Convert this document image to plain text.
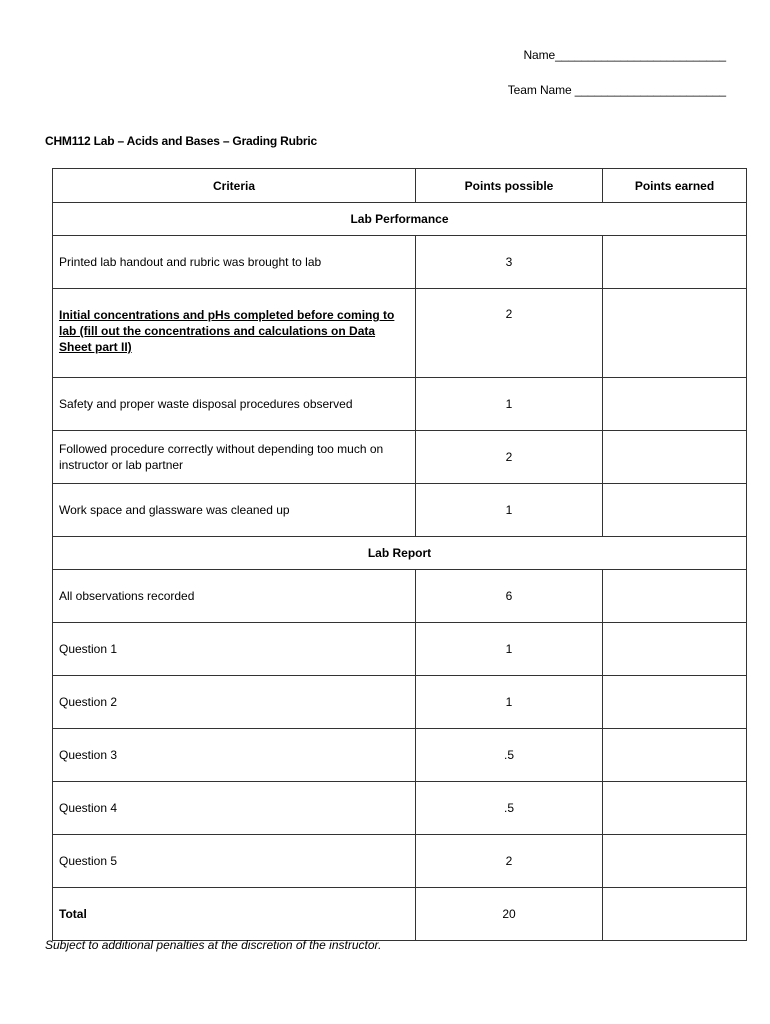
Name__________________________
Team Name _______________________
CHM112 Lab – Acids and Bases – Grading Rubric
Criteria	Points possible	Points earned
Lab Performance		
Printed lab handout and rubric was brought to lab	3	
Initial concentrations and pHs completed before coming to lab (fill out the concentrations and calculations on Data Sheet part II)	2	
Safety and proper waste disposal procedures observed	1	
Followed procedure correctly without depending too much on instructor or lab partner	2	
Work space and glassware was cleaned up	1	
Lab Report		
All observations recorded	6	
Question 1	1	
Question 2	1	
Question 3	.5	
Question 4	.5	
Question 5	2	
Total	20	
Subject to additional penalties at the discretion of the instructor.
